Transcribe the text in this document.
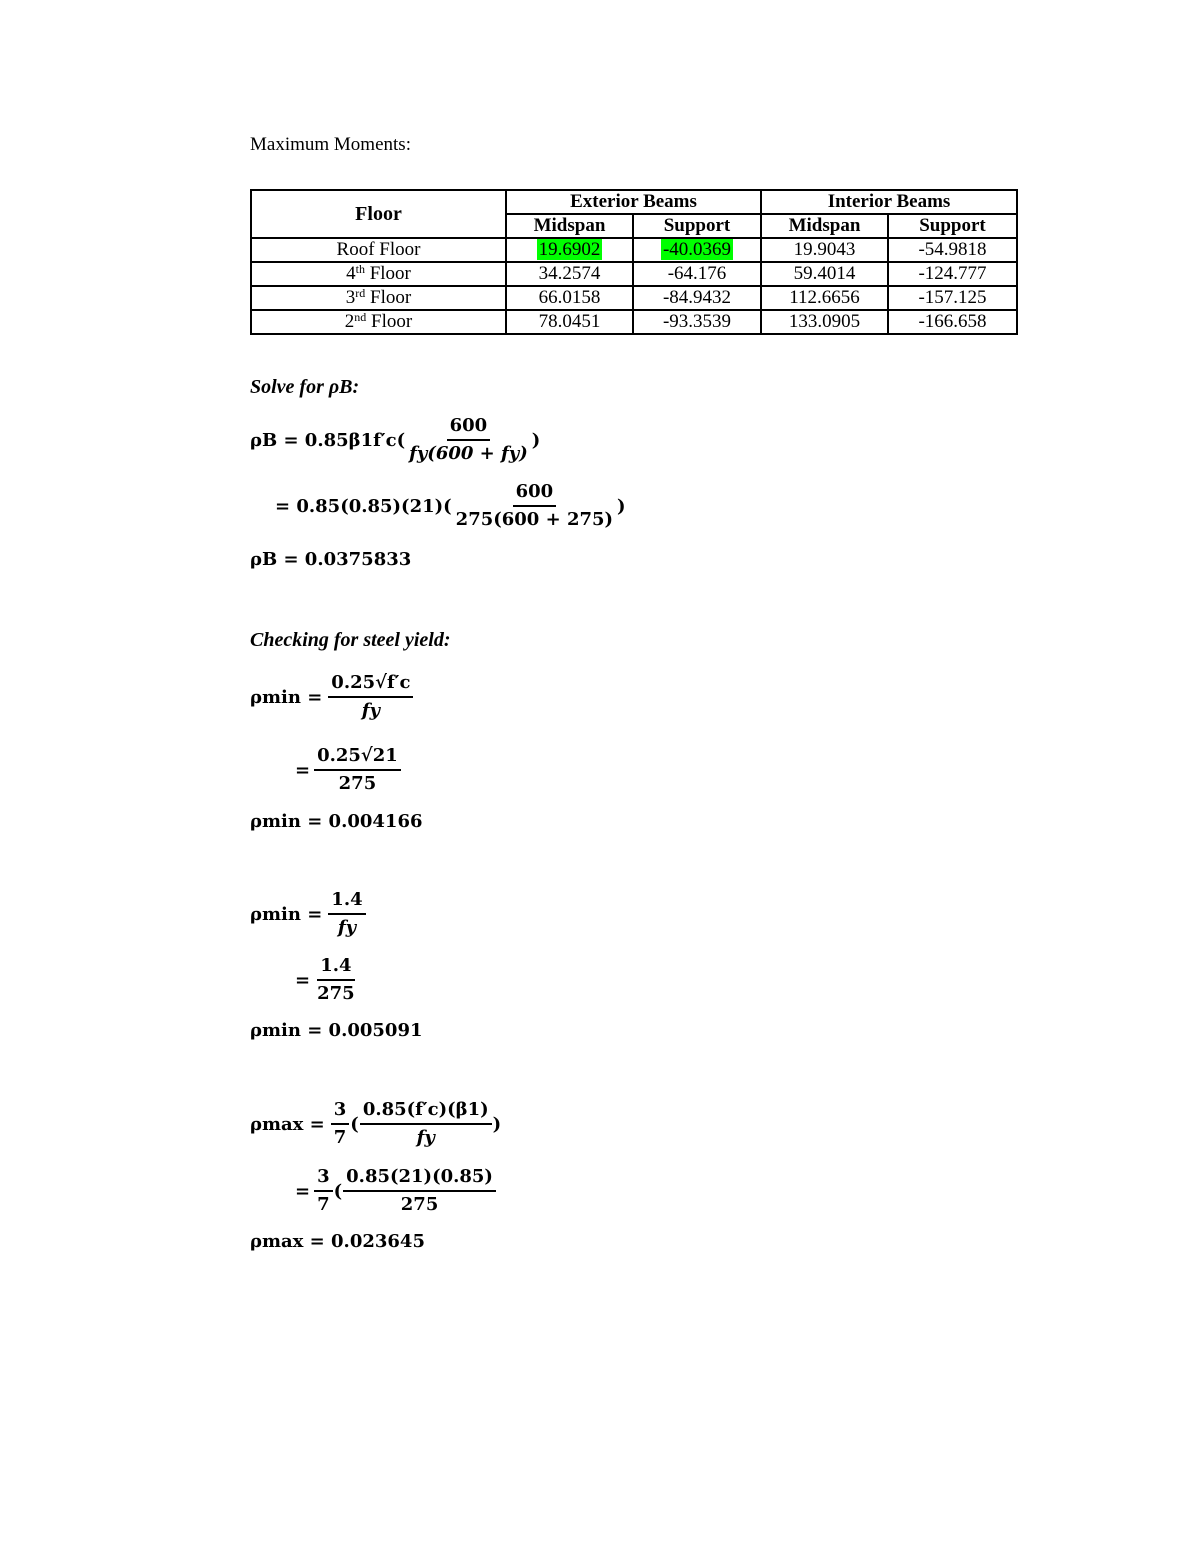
Maximum Moments:
Floor	Exterior Beams		Interior Beams	
	Midspan	Support	Midspan	Support
Roof Floor	19.6902	-40.0369	19.9043	-54.9818
4th Floor	34.2574	-64.176	59.4014	-124.777
3rd Floor	66.0158	-84.9432	112.6656	-157.125
2nd Floor	78.0451	-93.3539	133.0905	-166.658
Solve for ρB:
$\rho B = 0.85\beta 1f'c( \frac{600}{fy(600 + fy)}$ )
= $0.85(0.85)(21)( \frac{600}{275(600 + 275)}$ )
ρB = 0.0375833
Checking for steel yield:
$\rho\min = \frac{0.25√f'c}{fy}$
= $\frac{0.25√21}{275}$
ρmin = 0.004166
$\rho\min = \frac{1.4}{fy}$
= $\frac{1.4}{275}$
ρmin = 0.005091
$\rho\max = \frac{3}{7}$ ( $\frac{0.85(f'c)(\beta 1)}{fy}$ )
= $\frac{3}{7}$ ( $\frac{0.85(21)(0.85)}{275}$
ρmax = 0.023645
